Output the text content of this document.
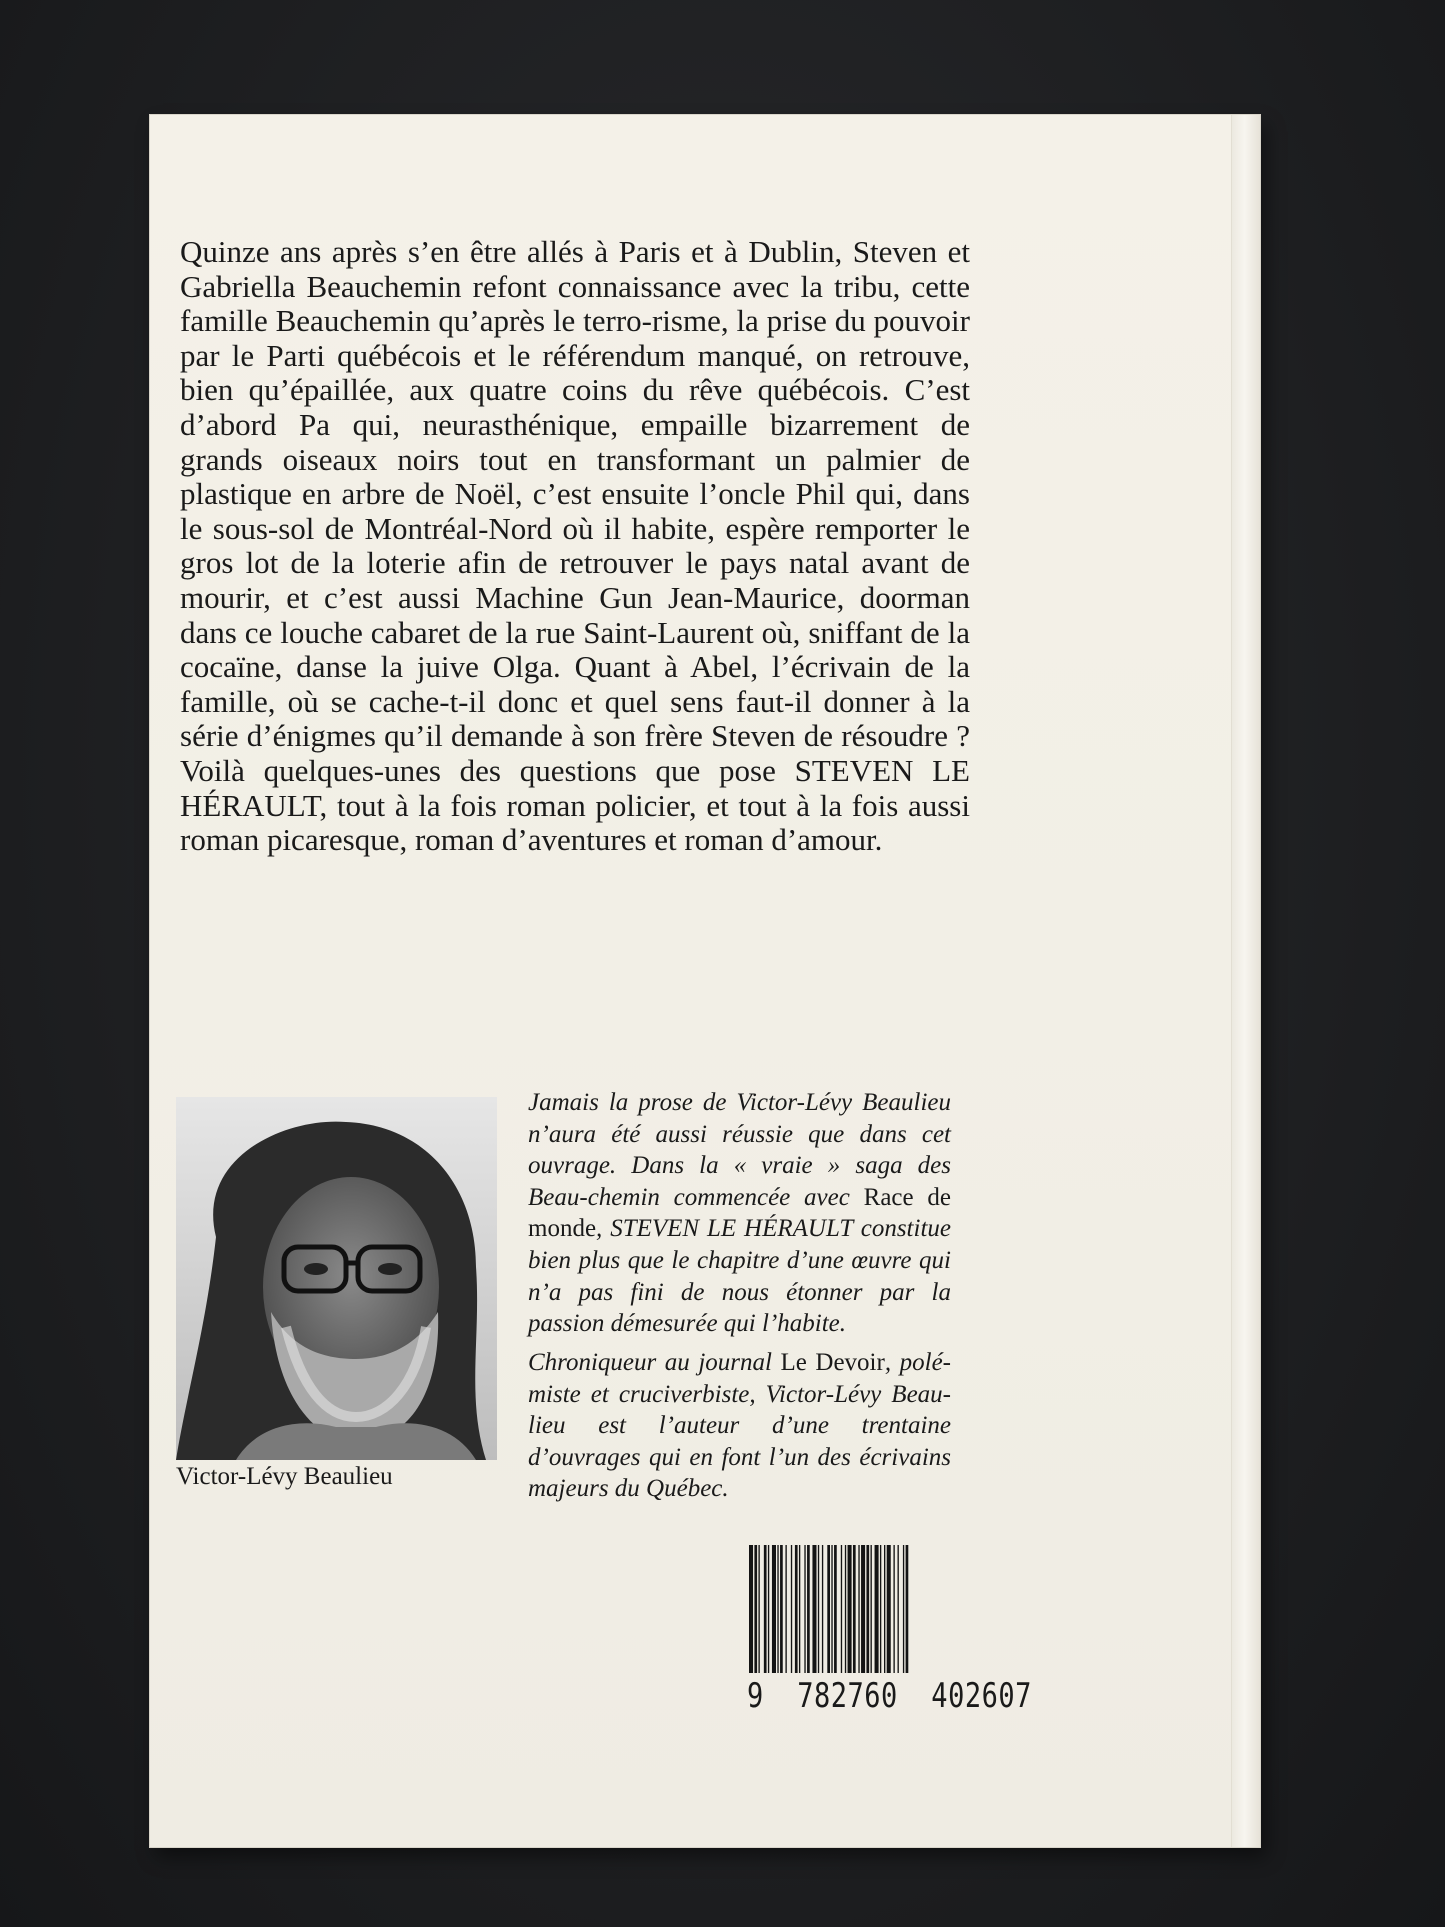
Quinze ans après s’en être allés à Paris et à Dublin, Steven et Gabriella Beauchemin refont connaissance avec la tribu, cette famille Beauchemin qu’après le terro-risme, la prise du pouvoir par le Parti québécois et le référendum manqué, on retrouve, bien qu’épaillée, aux quatre coins du rêve québécois. C’est d’abord Pa qui, neurasthénique, empaille bizarrement de grands oiseaux noirs tout en transformant un palmier de plastique en arbre de Noël, c’est ensuite l’oncle Phil qui, dans le sous-sol de Montréal-Nord où il habite, espère remporter le gros lot de la loterie afin de retrouver le pays natal avant de mourir, et c’est aussi Machine Gun Jean-Maurice, doorman dans ce louche cabaret de la rue Saint-Laurent où, sniffant de la cocaïne, danse la juive Olga. Quant à Abel, l’écrivain de la famille, où se cache-t-il donc et quel sens faut-il donner à la série d’énigmes qu’il demande à son frère Steven de résoudre ? Voilà quelques-unes des questions que pose STEVEN LE HÉRAULT, tout à la fois roman policier, et tout à la fois aussi roman picaresque, roman d’aventures et roman d’amour.

Victor-Lévy Beaulieu

Jamais la prose de Victor-Lévy Beaulieu n’aura été aussi réussie que dans cet ouvrage. Dans la « vraie » saga des Beau-chemin commencée avec Race de monde, STEVEN LE HÉRAULT constitue bien plus que le chapitre d’une œuvre qui n’a pas fini de nous étonner par la passion démesurée qui l’habite.

Chroniqueur au journal Le Devoir, polé-miste et cruciverbiste, Victor-Lévy Beau-lieu est l’auteur d’une trentaine d’ouvrages qui en font l’un des écrivains majeurs du Québec.

9  782760  402607
